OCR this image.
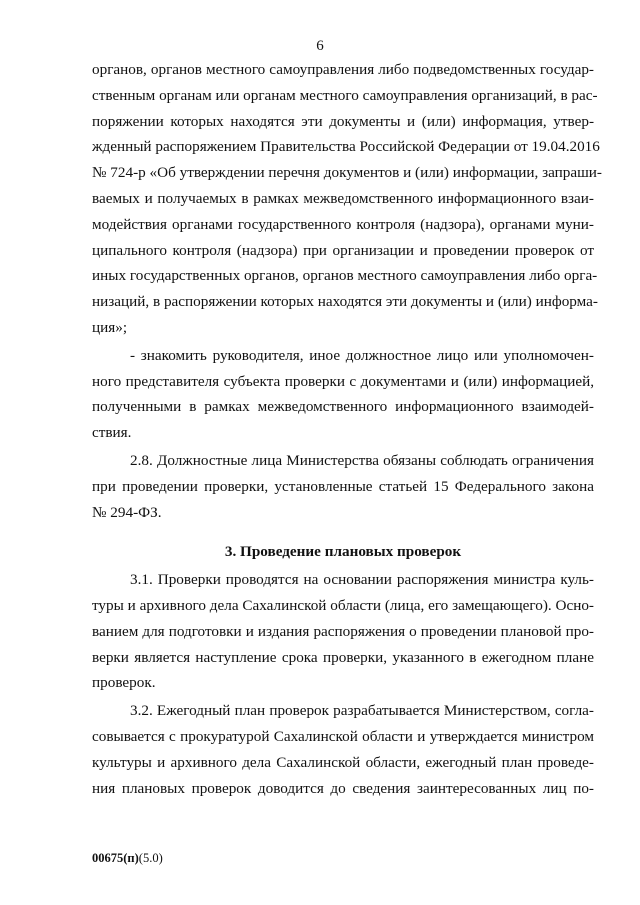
6
органов, органов местного самоуправления либо подведомственных государ-
ственным органам или органам местного самоуправления организаций, в рас-
поряжении которых находятся эти документы и (или) информация, утвер-
жденный распоряжением Правительства Российской Федерации от 19.04.2016
№ 724-р «Об утверждении перечня документов и (или) информации, запраши-
ваемых и получаемых в рамках межведомственного информационного взаи-
модействия органами государственного контроля (надзора), органами муни-
ципального контроля (надзора) при организации и проведении проверок от
иных государственных органов, органов местного самоуправления либо орга-
низаций, в распоряжении которых находятся эти документы и (или) информа-
ция»;
- знакомить руководителя, иное должностное лицо или уполномочен-
ного представителя субъекта проверки с документами и (или) информацией,
полученными в рамках межведомственного информационного взаимодей-
ствия.
2.8. Должностные лица Министерства обязаны соблюдать ограничения
при проведении проверки, установленные статьей 15 Федерального закона
№ 294-ФЗ.
3. Проведение плановых проверок
3.1. Проверки проводятся на основании распоряжения министра куль-
туры и архивного дела Сахалинской области (лица, его замещающего). Осно-
ванием для подготовки и издания распоряжения о проведении плановой про-
верки является наступление срока проверки, указанного в ежегодном плане
проверок.
3.2. Ежегодный план проверок разрабатывается Министерством, согла-
совывается с прокуратурой Сахалинской области и утверждается министром
культуры и архивного дела Сахалинской области, ежегодный план проведе-
ния плановых проверок доводится до сведения заинтересованных лиц по-
00675(п)(5.0)
